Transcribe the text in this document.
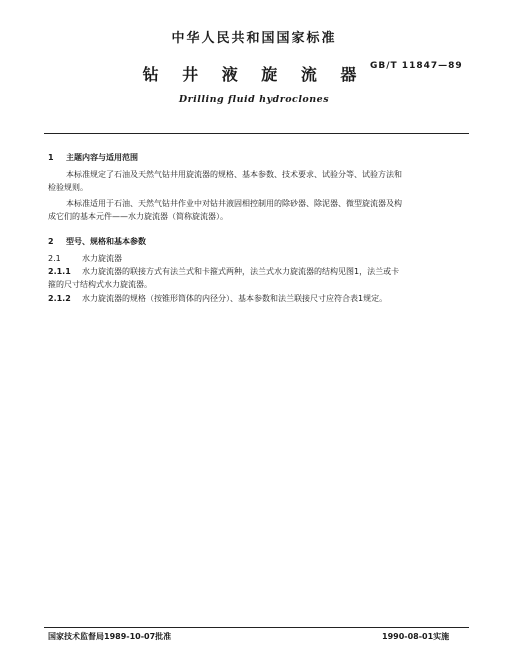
中华人民共和国国家标准
钻 井 液 旋 流 器 GB/T 11847—89
Drilling fluid hydroclones
1 主题内容与适用范围
本标准规定了石油及天然气钻井用旋流器的规格、基本参数、技术要求、试验分等、试验方法和
检验规则。
本标准适用于石油、天然气钻井作业中对钻井液固相控制用的除砂器、除泥器、微型旋流器及构
成它们的基本元件——水力旋流器（简称旋流器）。
2 型号、规格和基本参数
2.1	水力旋流器
2.1.1 水力旋流器的联接方式有法兰式和卡箍式两种，法兰式水力旋流器的结构见图1，法兰或卡
箍的尺寸结构式水力旋流器。
2.1.2 水力旋流器的规格（按锥形筒体的内径分）、基本参数和法兰联接尺寸应符合表1规定。
国家技术监督局1989-10-07批准	1990-08-01实施
